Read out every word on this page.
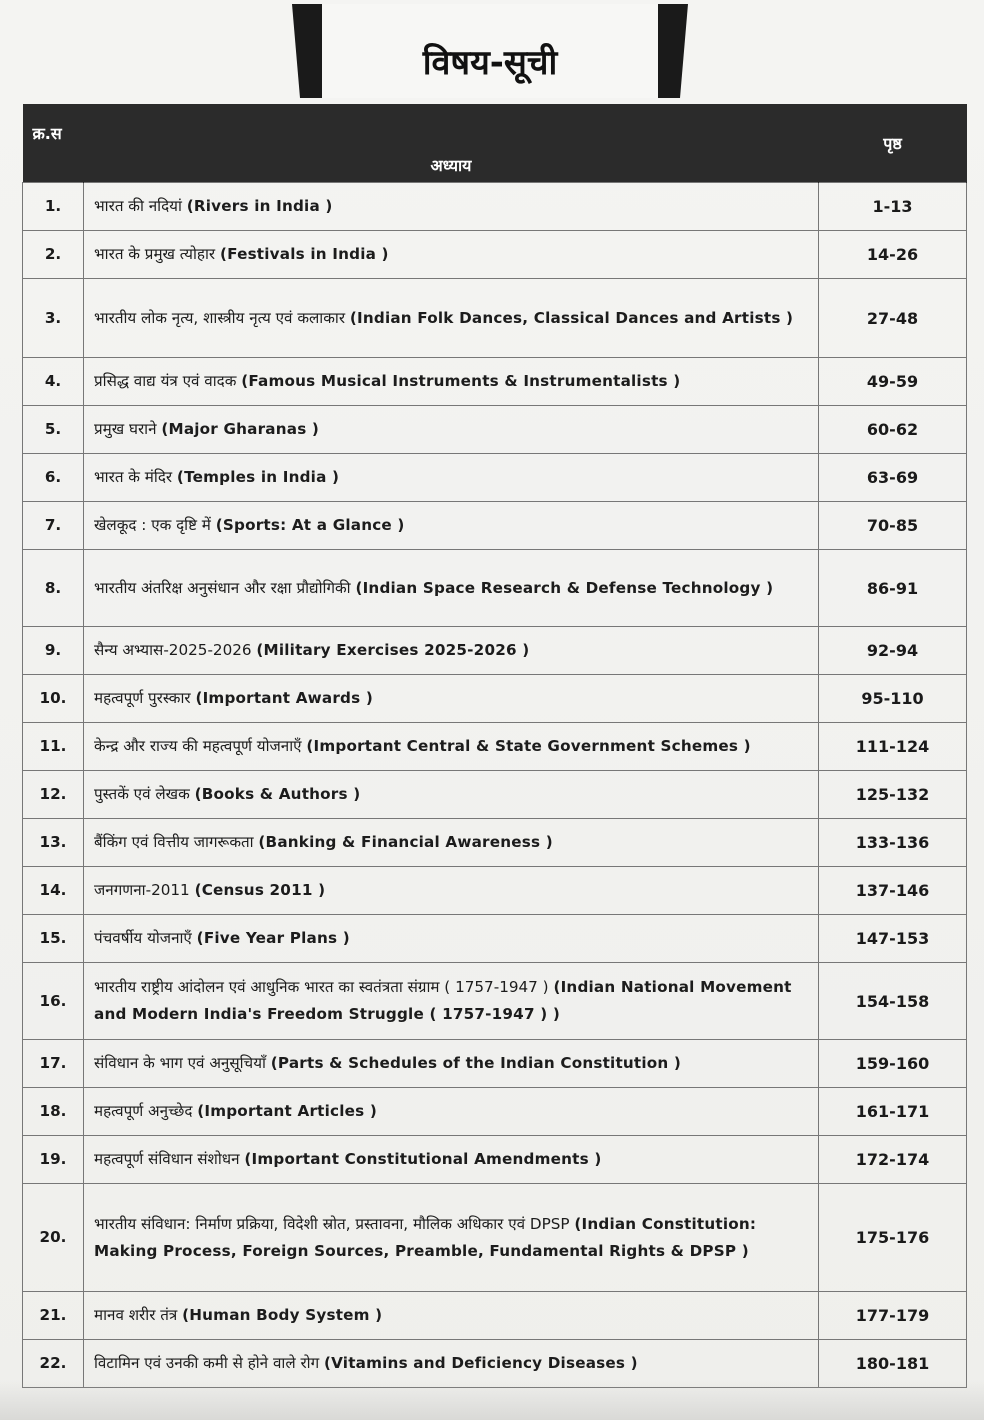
विषय-सूची
क्र.स	अध्याय	पृष्ठ
1.	भारत की नदियां (Rivers in India )	1-13
2.	भारत के प्रमुख त्योहार (Festivals in India )	14-26
3.	भारतीय लोक नृत्य, शास्त्रीय नृत्य एवं कलाकार (Indian Folk Dances, Classical Dances and Artists )	27-48
4.	प्रसिद्ध वाद्य यंत्र एवं वादक (Famous Musical Instruments & Instrumentalists )	49-59
5.	प्रमुख घराने (Major Gharanas )	60-62
6.	भारत के मंदिर (Temples in India )	63-69
7.	खेलकूद : एक दृष्टि में (Sports: At a Glance )	70-85
8.	भारतीय अंतरिक्ष अनुसंधान और रक्षा प्रौद्योगिकी (Indian Space Research & Defense Technology )	86-91
9.	सैन्य अभ्यास-2025-2026 (Military Exercises 2025-2026 )	92-94
10.	महत्वपूर्ण पुरस्कार (Important Awards )	95-110
11.	केन्द्र और राज्य की महत्वपूर्ण योजनाएँ (Important Central & State Government Schemes )	111-124
12.	पुस्तकें एवं लेखक (Books & Authors )	125-132
13.	बैंकिंग एवं वित्तीय जागरूकता (Banking & Financial Awareness )	133-136
14.	जनगणना-2011 (Census 2011 )	137-146
15.	पंचवर्षीय योजनाएँ (Five Year Plans )	147-153
16.	भारतीय राष्ट्रीय आंदोलन एवं आधुनिक भारत का स्वतंत्रता संग्राम ( 1757-1947 ) (Indian National Movement and Modern India's Freedom Struggle ( 1757-1947 ) )	154-158
17.	संविधान के भाग एवं अनुसूचियाँ (Parts & Schedules of the Indian Constitution )	159-160
18.	महत्वपूर्ण अनुच्छेद (Important Articles )	161-171
19.	महत्वपूर्ण संविधान संशोधन (Important Constitutional Amendments )	172-174
20.	भारतीय संविधान: निर्माण प्रक्रिया, विदेशी स्रोत, प्रस्तावना, मौलिक अधिकार एवं DPSP (Indian Constitution: Making Process, Foreign Sources, Preamble, Fundamental Rights & DPSP )	175-176
21.	मानव शरीर तंत्र (Human Body System )	177-179
22.	विटामिन एवं उनकी कमी से होने वाले रोग (Vitamins and Deficiency Diseases )	180-181
